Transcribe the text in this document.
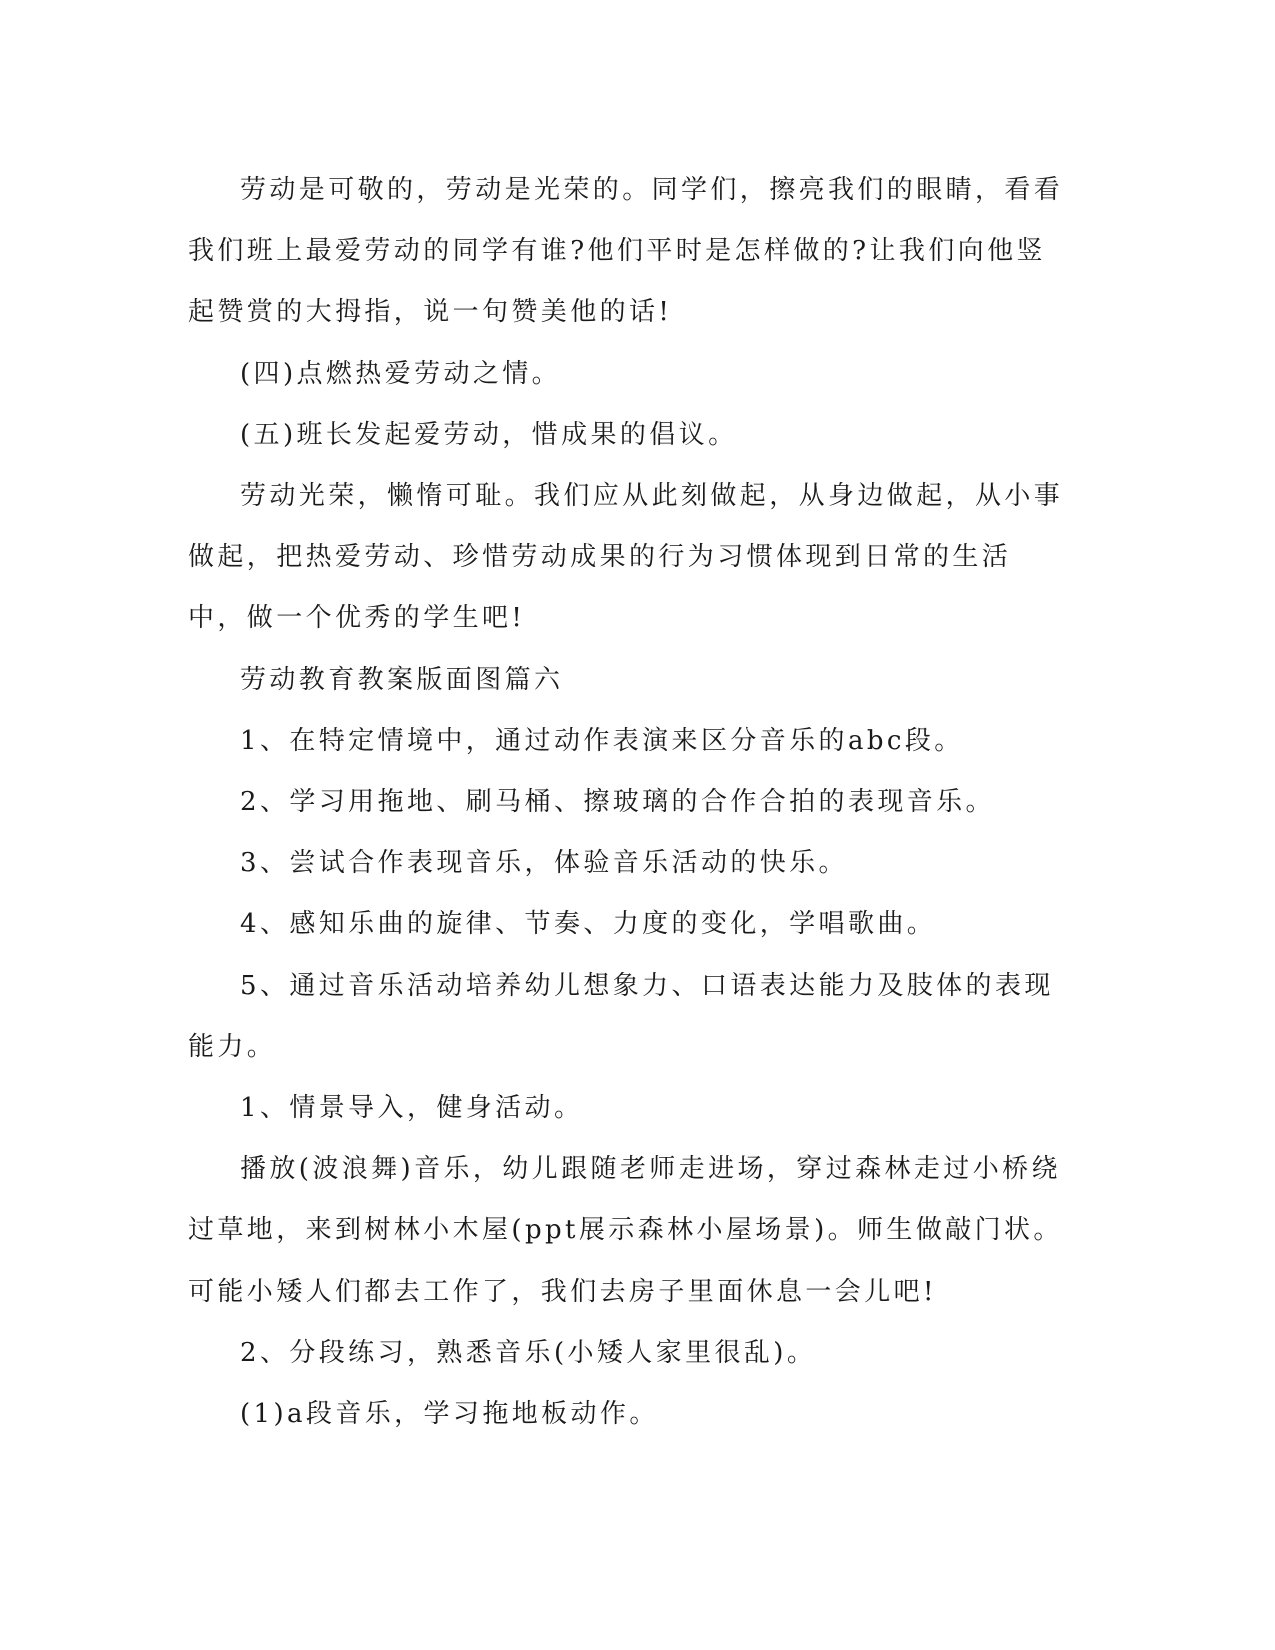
劳动是可敬的，劳动是光荣的。同学们，擦亮我们的眼睛，看看我们班上最爱劳动的同学有谁?他们平时是怎样做的?让我们向他竖起赞赏的大拇指，说一句赞美他的话!

(四)点燃热爱劳动之情。

(五)班长发起爱劳动，惜成果的倡议。

劳动光荣，懒惰可耻。我们应从此刻做起，从身边做起，从小事做起，把热爱劳动、珍惜劳动成果的行为习惯体现到日常的生活中，做一个优秀的学生吧!

劳动教育教案版面图篇六

1、在特定情境中，通过动作表演来区分音乐的abc段。

2、学习用拖地、刷马桶、擦玻璃的合作合拍的表现音乐。

3、尝试合作表现音乐，体验音乐活动的快乐。

4、感知乐曲的旋律、节奏、力度的变化，学唱歌曲。

5、通过音乐活动培养幼儿想象力、口语表达能力及肢体的表现能力。

1、情景导入，健身活动。

播放(波浪舞)音乐，幼儿跟随老师走进场，穿过森林走过小桥绕过草地，来到树林小木屋(ppt展示森林小屋场景)。师生做敲门状。可能小矮人们都去工作了，我们去房子里面休息一会儿吧!

2、分段练习，熟悉音乐(小矮人家里很乱)。

(1)a段音乐，学习拖地板动作。
